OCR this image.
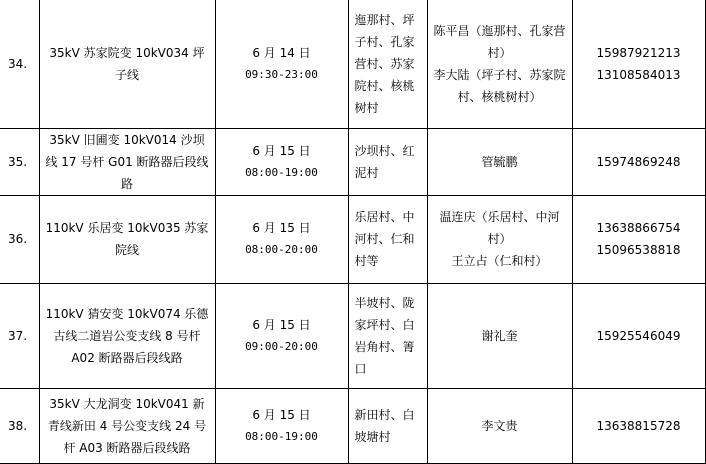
34.	35kV 苏家院变 10kV034 坪子线	6 月 14 日
09:30-23:00	迤那村、坪子村、孔家营村、苏家院村、核桃树村	陈平昌（迤那村、孔家营村）
李大陆（坪子村、苏家院村、核桃树村）	15987921213
13108584013

35.	35kV 旧圃变 10kV014 沙坝线 17 号杆 G01 断路器后段线路	6 月 15 日
08:00-19:00	沙坝村、红泥村	管毓鹏	15974869248

36.	110kV 乐居变 10kV035 苏家院线	6 月 15 日
08:00-20:00	乐居村、中河村、仁和村等	温连庆（乐居村、中河村）
王立占（仁和村）	13638866754
15096538818

37.	110kV 猜安变 10kV074 乐德古线二道岩公变支线 8 号杆 A02 断路器后段线路	6 月 15 日
09:00-20:00	半坡村、陇家坪村、白岩角村、箐口	谢礼奎	15925546049

38.	35kV 大龙洞变 10kV041 新青线新田 4 号公变支线 24 号杆 A03 断路器后段线路	6 月 15 日
08:00-19:00	新田村、白坡塘村	李文贵	13638815728
